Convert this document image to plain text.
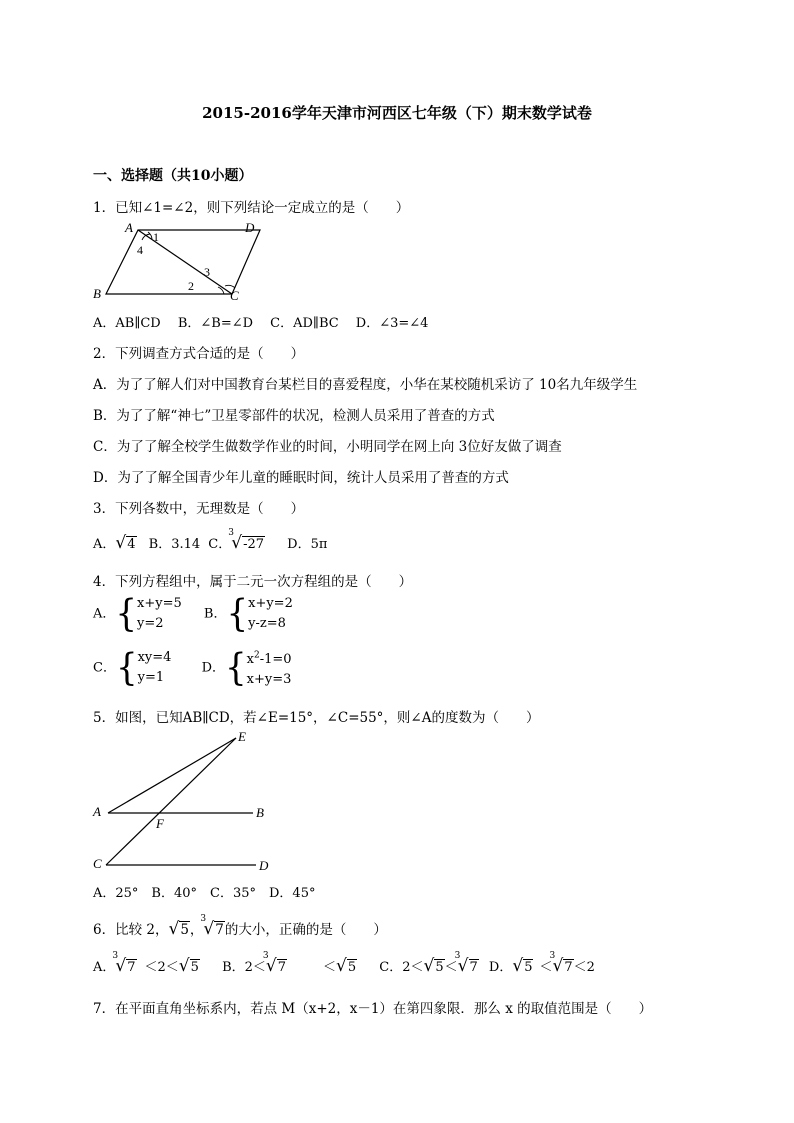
2015-2016学年天津市河西区七年级（下）期末数学试卷
一、选择题（共10小题）
1．已知∠1=∠2，则下列结论一定成立的是（　　）
A	D
B	C
1
4
3
2
A．AB∥CD　 B．∠B=∠D　 C．AD∥BC　 D．∠3=∠4
2．下列调查方式合适的是（　　）
A．为了了解人们对中国教育台某栏目的喜爱程度，小华在某校随机采访了 10名九年级学生
B．为了了解“神七”卫星零部件的状况，检测人员采用了普查的方式
C．为了了解全校学生做数学作业的时间，小明同学在网上向 3位好友做了调查
D．为了了解全国青少年儿童的睡眠时间，统计人员采用了普查的方式
3．下列各数中，无理数是（　　）
A．√4 B．3.14 C．
3
√-27 D．5π
4．下列方程组中，属于二元一次方程组的是（　　）
A．{x+y=5
y=2 B．{x+y=2
y-z=8
C．{xy=4
y=1 D．{$x^2-1=0$
x+y=3
5．如图，已知AB∥CD，若∠E=15°，∠C=55°，则∠A的度数为（　　）
E
A	B
F
C	D
A．25°　B．40°　C．35°　D．45°
6．比较 2，√5，
3
√7的大小，正确的是（　　）
A．
3
√7 ＜2＜√5 B．2＜
3
√7	＜√5 C．2＜√5＜
3
√7 D．√5 ＜
3
√7＜2
7．在平面直角坐标系内，若点 M（x+2，x－1）在第四象限．那么 x 的取值范围是（　　）
